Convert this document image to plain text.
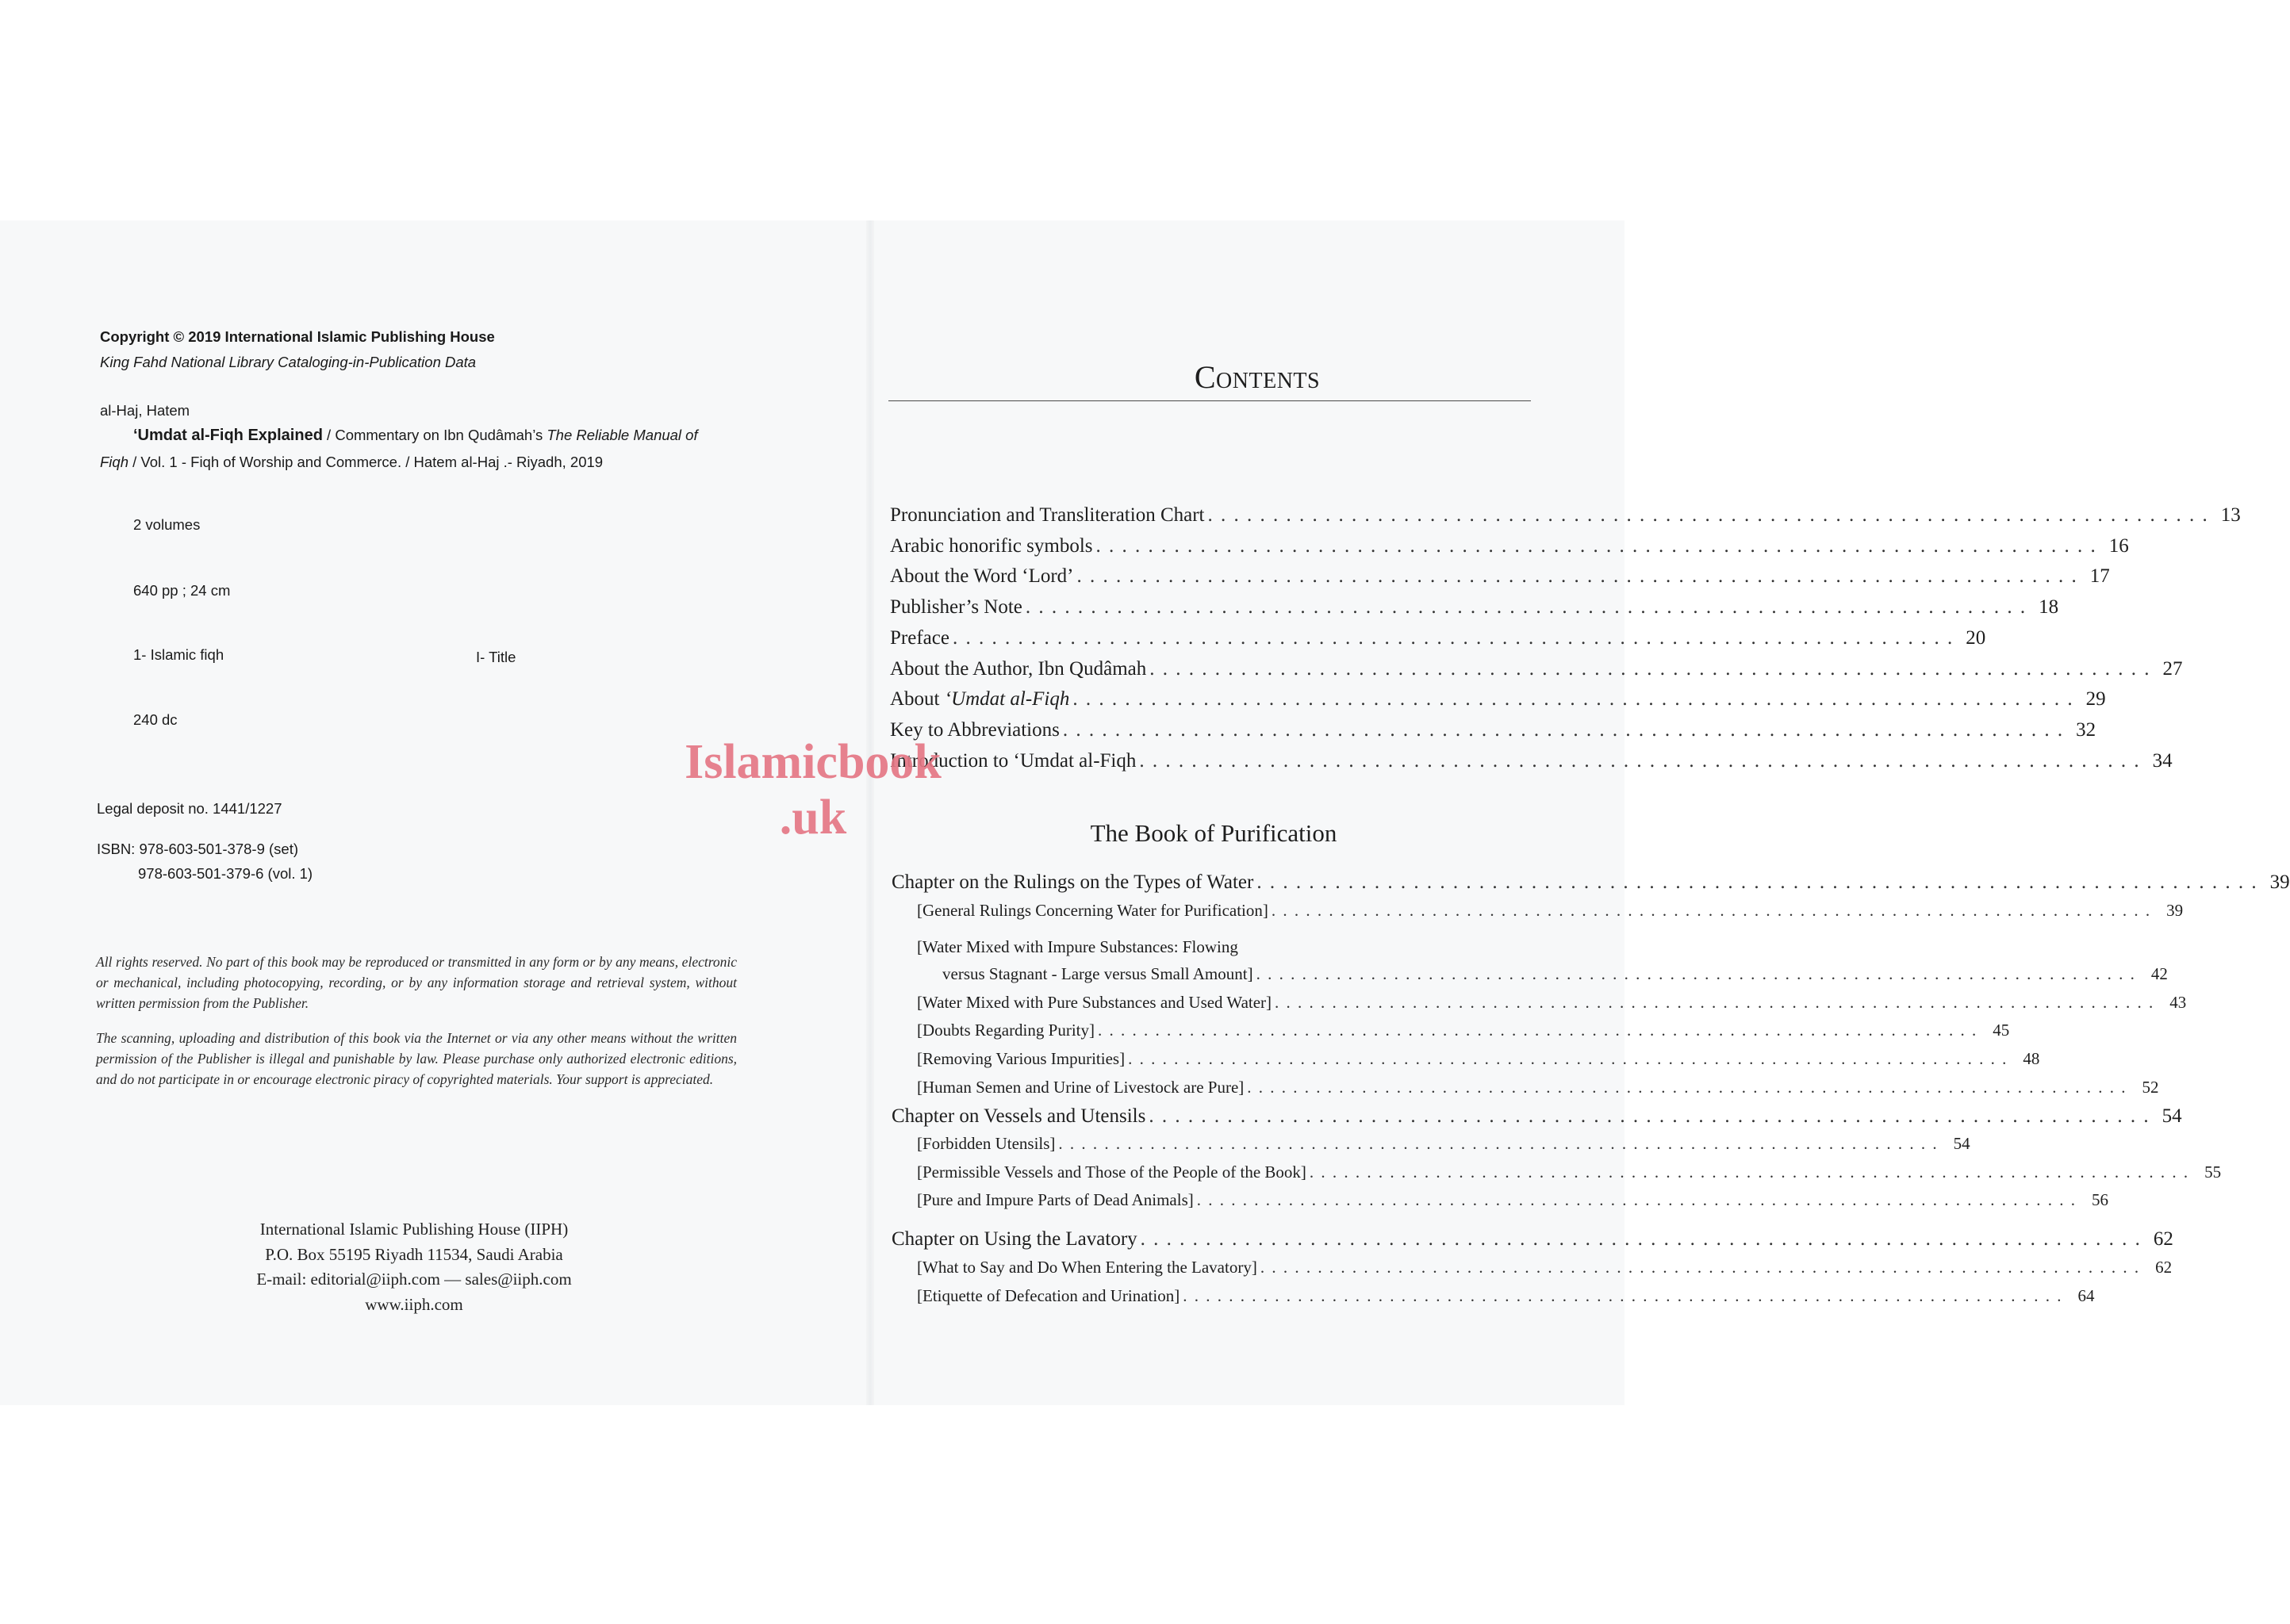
Copyright © 2019 International Islamic Publishing House
King Fahd National Library Cataloging-in-Publication Data
al-Haj, Hatem
‘Umdat al-Fiqh Explained / Commentary on Ibn Qudâmah’s The Reliable Manual of
Fiqh / Vol. 1 - Fiqh of Worship and Commerce. / Hatem al-Haj .- Riyadh, 2019
2 volumes
640 pp ; 24 cm
1- Islamic fiqh	I- Title
240 dc
Legal deposit no. 1441/1227
ISBN: 978-603-501-378-9 (set)
978-603-501-379-6 (vol. 1)
All rights reserved. No part of this book may be reproduced or transmitted in any form or by any means, electronic or mechanical, including photocopying, recording, or by any information storage and retrieval system, without written permission from the Publisher.
The scanning, uploading and distribution of this book via the Internet or via any other means without the written permission of the Publisher is illegal and punishable by law. Please purchase only authorized electronic editions, and do not participate in or encourage electronic piracy of copyrighted materials. Your support is appreciated.
International Islamic Publishing House (IIPH)
P.O. Box 55195 Riyadh 11534, Saudi Arabia
E-mail: editorial@iiph.com — sales@iiph.com
www.iiph.com
Contents
Pronunciation and Transliteration Chart . . . . . . . . . . . . . . . . . . . . . . . . . . . . . . . . . . . . . . . . . . . . . . . . . . . . . . . . . . . . . . . . . . . . . . . . . . . . . 13
Arabic honorific symbols . . . . . . . . . . . . . . . . . . . . . . . . . . . . . . . . . . . . . . . . . . . . . . . . . . . . . . . . . . . . . . . . . . . . . . . . . . . . . 16
About the Word ‘Lord’ . . . . . . . . . . . . . . . . . . . . . . . . . . . . . . . . . . . . . . . . . . . . . . . . . . . . . . . . . . . . . . . . . . . . . . . . . . . . . 17
Publisher’s Note . . . . . . . . . . . . . . . . . . . . . . . . . . . . . . . . . . . . . . . . . . . . . . . . . . . . . . . . . . . . . . . . . . . . . . . . . . . . . 18
Preface . . . . . . . . . . . . . . . . . . . . . . . . . . . . . . . . . . . . . . . . . . . . . . . . . . . . . . . . . . . . . . . . . . . . . . . . . . . . . 20
About the Author, Ibn Qudâmah . . . . . . . . . . . . . . . . . . . . . . . . . . . . . . . . . . . . . . . . . . . . . . . . . . . . . . . . . . . . . . . . . . . . . . . . . . . . . 27
About ‘Umdat al-Fiqh . . . . . . . . . . . . . . . . . . . . . . . . . . . . . . . . . . . . . . . . . . . . . . . . . . . . . . . . . . . . . . . . . . . . . . . . . . . . . 29
Key to Abbreviations . . . . . . . . . . . . . . . . . . . . . . . . . . . . . . . . . . . . . . . . . . . . . . . . . . . . . . . . . . . . . . . . . . . . . . . . . . . . . 32
Introduction to ‘Umdat al-Fiqh . . . . . . . . . . . . . . . . . . . . . . . . . . . . . . . . . . . . . . . . . . . . . . . . . . . . . . . . . . . . . . . . . . . . . . . . . . . . . 34
The Book of Purification
Chapter on the Rulings on the Types of Water . . . . . . . . . . . . . . . . . . . . . . . . . . . . . . . . . . . . . . . . . . . . . . . . . . . . . . . . . . . . . . . . . . . . . . . . . . . . . 39
[General Rulings Concerning Water for Purification] . . . . . . . . . . . . . . . . . . . . . . . . . . . . . . . . . . . . . . . . . . . . . . . . . . . . . . . . . . . . . . . . . . . . . . . . . . . . . 39
versus Stagnant - Large versus Small Amount] . . . . . . . . . . . . . . . . . . . . . . . . . . . . . . . . . . . . . . . . . . . . . . . . . . . . . . . . . . . . . . . . . . . . . . . . . . . . . 42
[Water Mixed with Impure Substances: Flowing
[Water Mixed with Pure Substances and Used Water] . . . . . . . . . . . . . . . . . . . . . . . . . . . . . . . . . . . . . . . . . . . . . . . . . . . . . . . . . . . . . . . . . . . . . . . . . . . . . 43
[Doubts Regarding Purity] . . . . . . . . . . . . . . . . . . . . . . . . . . . . . . . . . . . . . . . . . . . . . . . . . . . . . . . . . . . . . . . . . . . . . . . . . . . . . 45
[Removing Various Impurities] . . . . . . . . . . . . . . . . . . . . . . . . . . . . . . . . . . . . . . . . . . . . . . . . . . . . . . . . . . . . . . . . . . . . . . . . . . . . . 48
[Human Semen and Urine of Livestock are Pure] . . . . . . . . . . . . . . . . . . . . . . . . . . . . . . . . . . . . . . . . . . . . . . . . . . . . . . . . . . . . . . . . . . . . . . . . . . . . . 52
Chapter on Vessels and Utensils . . . . . . . . . . . . . . . . . . . . . . . . . . . . . . . . . . . . . . . . . . . . . . . . . . . . . . . . . . . . . . . . . . . . . . . . . . . . . 54
[Forbidden Utensils] . . . . . . . . . . . . . . . . . . . . . . . . . . . . . . . . . . . . . . . . . . . . . . . . . . . . . . . . . . . . . . . . . . . . . . . . . . . . . 54
[Permissible Vessels and Those of the People of the Book] . . . . . . . . . . . . . . . . . . . . . . . . . . . . . . . . . . . . . . . . . . . . . . . . . . . . . . . . . . . . . . . . . . . . . . . . . . . . . 55
[Pure and Impure Parts of Dead Animals] . . . . . . . . . . . . . . . . . . . . . . . . . . . . . . . . . . . . . . . . . . . . . . . . . . . . . . . . . . . . . . . . . . . . . . . . . . . . . 56
Chapter on Using the Lavatory . . . . . . . . . . . . . . . . . . . . . . . . . . . . . . . . . . . . . . . . . . . . . . . . . . . . . . . . . . . . . . . . . . . . . . . . . . . . . 62
[What to Say and Do When Entering the Lavatory] . . . . . . . . . . . . . . . . . . . . . . . . . . . . . . . . . . . . . . . . . . . . . . . . . . . . . . . . . . . . . . . . . . . . . . . . . . . . . 62
[Etiquette of Defecation and Urination] . . . . . . . . . . . . . . . . . . . . . . . . . . . . . . . . . . . . . . . . . . . . . . . . . . . . . . . . . . . . . . . . . . . . . . . . . . . . . 64
Islamicbook
.uk
